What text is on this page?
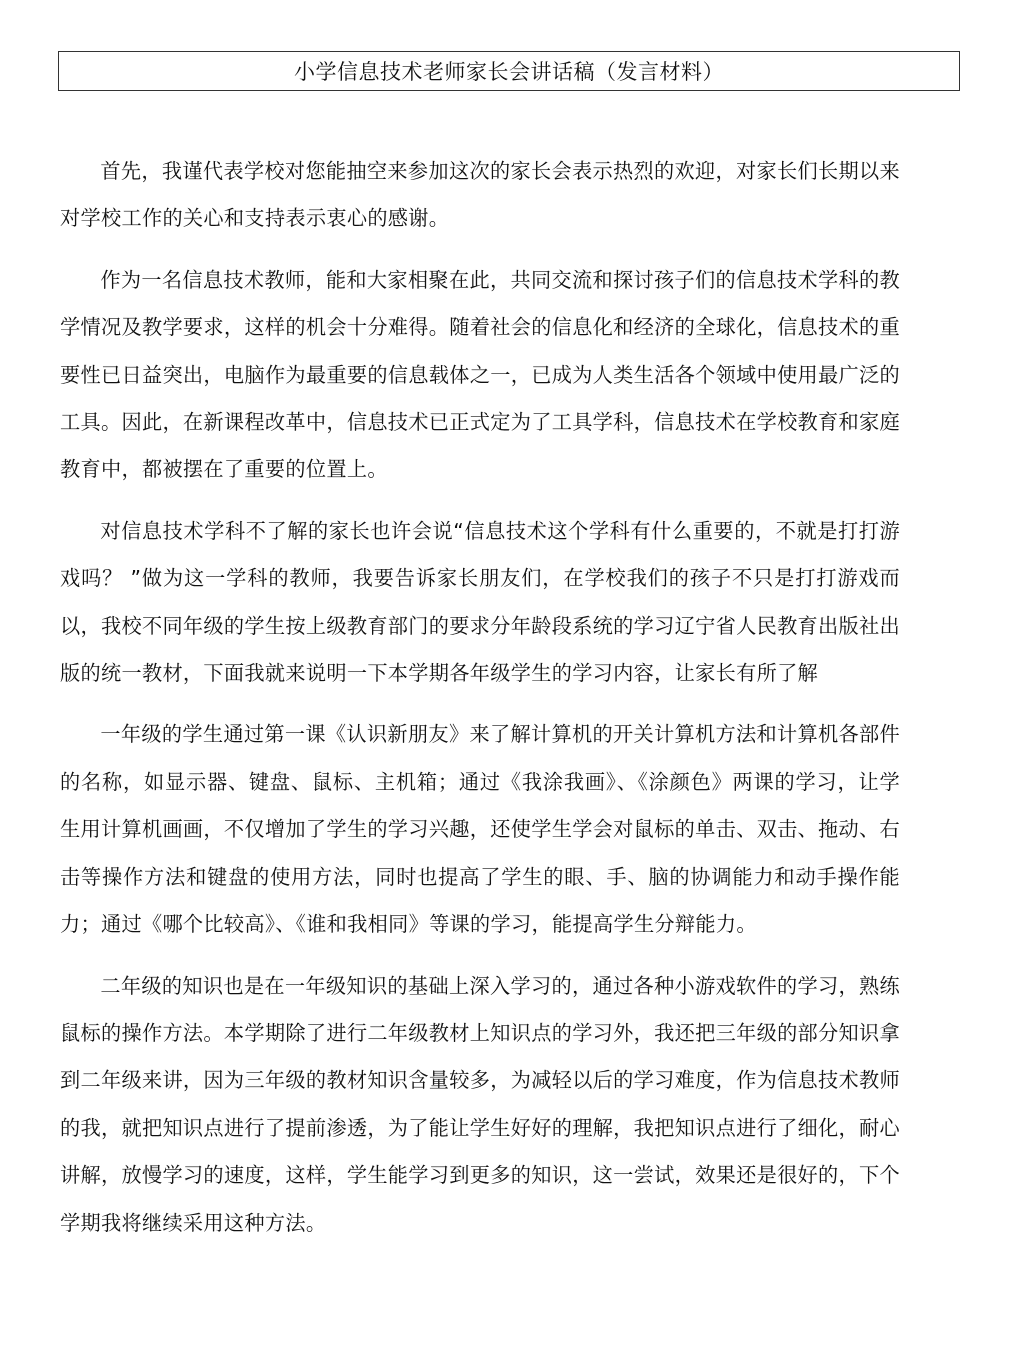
小学信息技术老师家长会讲话稿（发言材料）

首先，我谨代表学校对您能抽空来参加这次的家长会表示热烈的欢迎，对家长们长期以来对学校工作的关心和支持表示衷心的感谢。

作为一名信息技术教师，能和大家相聚在此，共同交流和探讨孩子们的信息技术学科的教学情况及教学要求，这样的机会十分难得。随着社会的信息化和经济的全球化，信息技术的重要性已日益突出，电脑作为最重要的信息载体之一，已成为人类生活各个领域中使用最广泛的工具。因此，在新课程改革中，信息技术已正式定为了工具学科，信息技术在学校教育和家庭教育中，都被摆在了重要的位置上。

对信息技术学科不了解的家长也许会说“信息技术这个学科有什么重要的，不就是打打游戏吗？ ”做为这一学科的教师，我要告诉家长朋友们，在学校我们的孩子不只是打打游戏而以，我校不同年级的学生按上级教育部门的要求分年龄段系统的学习辽宁省人民教育出版社出版的统一教材，下面我就来说明一下本学期各年级学生的学习内容，让家长有所了解

一年级的学生通过第一课《认识新朋友》来了解计算机的开关计算机方法和计算机各部件的名称，如显示器、键盘、鼠标、主机箱；通过《我涂我画》、《涂颜色》两课的学习，让学生用计算机画画，不仅增加了学生的学习兴趣，还使学生学会对鼠标的单击、双击、拖动、右击等操作方法和键盘的使用方法，同时也提高了学生的眼、手、脑的协调能力和动手操作能力；通过《哪个比较高》、《谁和我相同》等课的学习，能提高学生分辩能力。

二年级的知识也是在一年级知识的基础上深入学习的，通过各种小游戏软件的学习，熟练鼠标的操作方法。本学期除了进行二年级教材上知识点的学习外，我还把三年级的部分知识拿到二年级来讲，因为三年级的教材知识含量较多，为减轻以后的学习难度，作为信息技术教师的我，就把知识点进行了提前渗透，为了能让学生好好的理解，我把知识点进行了细化，耐心讲解，放慢学习的速度，这样，学生能学习到更多的知识，这一尝试，效果还是很好的，下个学期我将继续采用这种方法。
